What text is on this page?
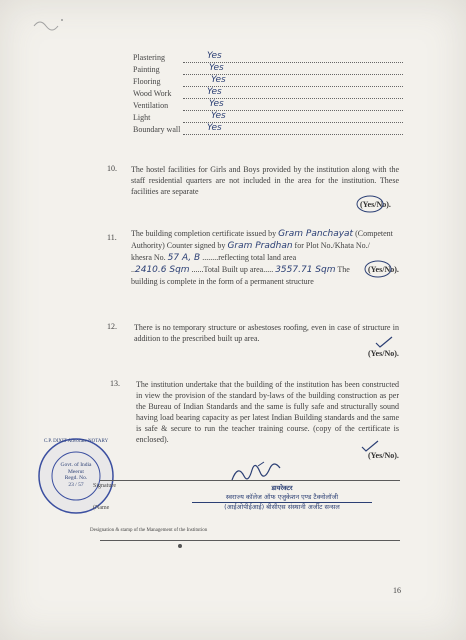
Plastering	Yes
Painting	Yes
Flooring	Yes
Wood Work	Yes
Ventilation	Yes
Light	Yes
Boundary wall	Yes
10. The hostel facilities for Girls and Boys provided by the institution along with the staff residential quarters are not included in the area for the institution. These facilities are separate
(Yes/No).
11. The building completion certificate issued by Gram Panchayat (Competent
Authority) Counter signed by Gram Pradhan for Plot No./Khata No./
khesra No. 57 A, B ........reflecting total land area
..2410.6 Sqm ......Total Built up area..... 3557.71 Sqm The
building is complete in the form of a permanent structure
(Yes/No).
12. There is no temporary structure or asbestoses roofing, even in case of structure in addition to the prescribed built up area.
(Yes/No).
13. The institution undertake that the building of the institution has been constructed in view the provision of the standard by-laws of the building construction as per the Bureau of Indian Standards and the same is fully safe and structurally sound having load bearing capacity as per latest Indian Building standards and the same is safe & secure to run the teacher training course. (copy of the certificate is enclosed).
(Yes/No).
C.P. DIXIT Advocate NOTARY
Govt. of India
Meerut
Regd. No.
23 / 57	Signature
(Name
डायरेक्टर
स्वराज्य कॉलेज ऑफ एजुकेशन एण्ड टैक्नोलॉजी
(आईओपीईआई) बीसीएस संस्थानी अर्जीट सन्सल
Designation & stamp of the Management of the Institution
16
